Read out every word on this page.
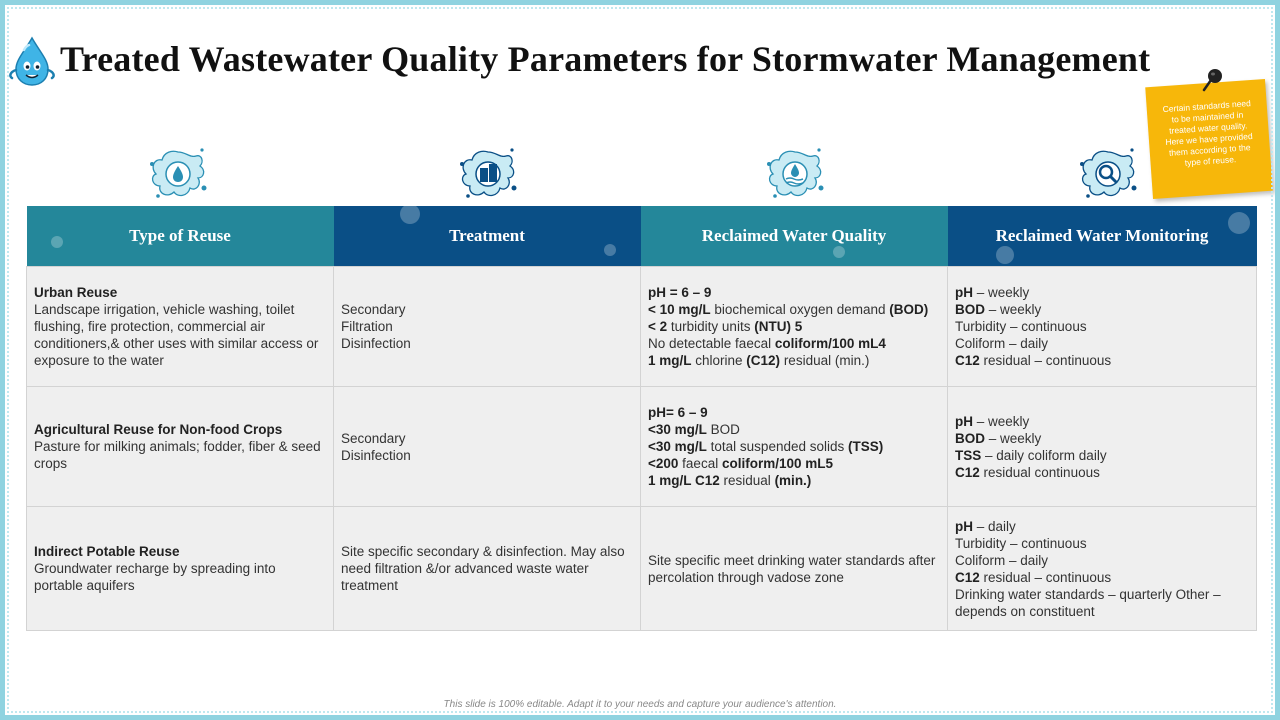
Treated Wastewater Quality Parameters for Stormwater Management
Certain standards need to be maintained in treated water quality. Here we have provided them according to the type of reuse.
Type of Reuse	Treatment	Reclaimed Water Quality	Reclaimed Water Monitoring

Urban Reuse
Landscape irrigation, vehicle washing, toilet flushing, fire protection, commercial air conditioners,& other uses with similar access or exposure to the water	Secondary
Filtration
Disinfection	pH = 6 – 9
< 10 mg/L biochemical oxygen demand (BOD)
< 2 turbidity units (NTU) 5
No detectable faecal coliform/100 mL4
1 mg/L chlorine (C12) residual (min.)	pH – weekly
BOD – weekly
Turbidity – continuous
Coliform – daily
C12 residual – continuous

Agricultural Reuse for Non-food Crops
Pasture for milking animals; fodder, fiber & seed crops	Secondary
Disinfection	pH= 6 – 9
<30 mg/L BOD
<30 mg/L total suspended solids (TSS)
<200 faecal coliform/100 mL5
1 mg/L C12 residual (min.)	pH – weekly
BOD – weekly
TSS – daily coliform daily
C12 residual continuous

Indirect Potable Reuse
Groundwater recharge by spreading into portable aquifers	Site specific secondary & disinfection. May also need filtration &/or advanced waste water treatment	Site specific meet drinking water standards after percolation through vadose zone	pH – daily
Turbidity – continuous
Coliform – daily
C12 residual – continuous
Drinking water standards – quarterly Other – depends on constituent
This slide is 100% editable. Adapt it to your needs and capture your audience's attention.
